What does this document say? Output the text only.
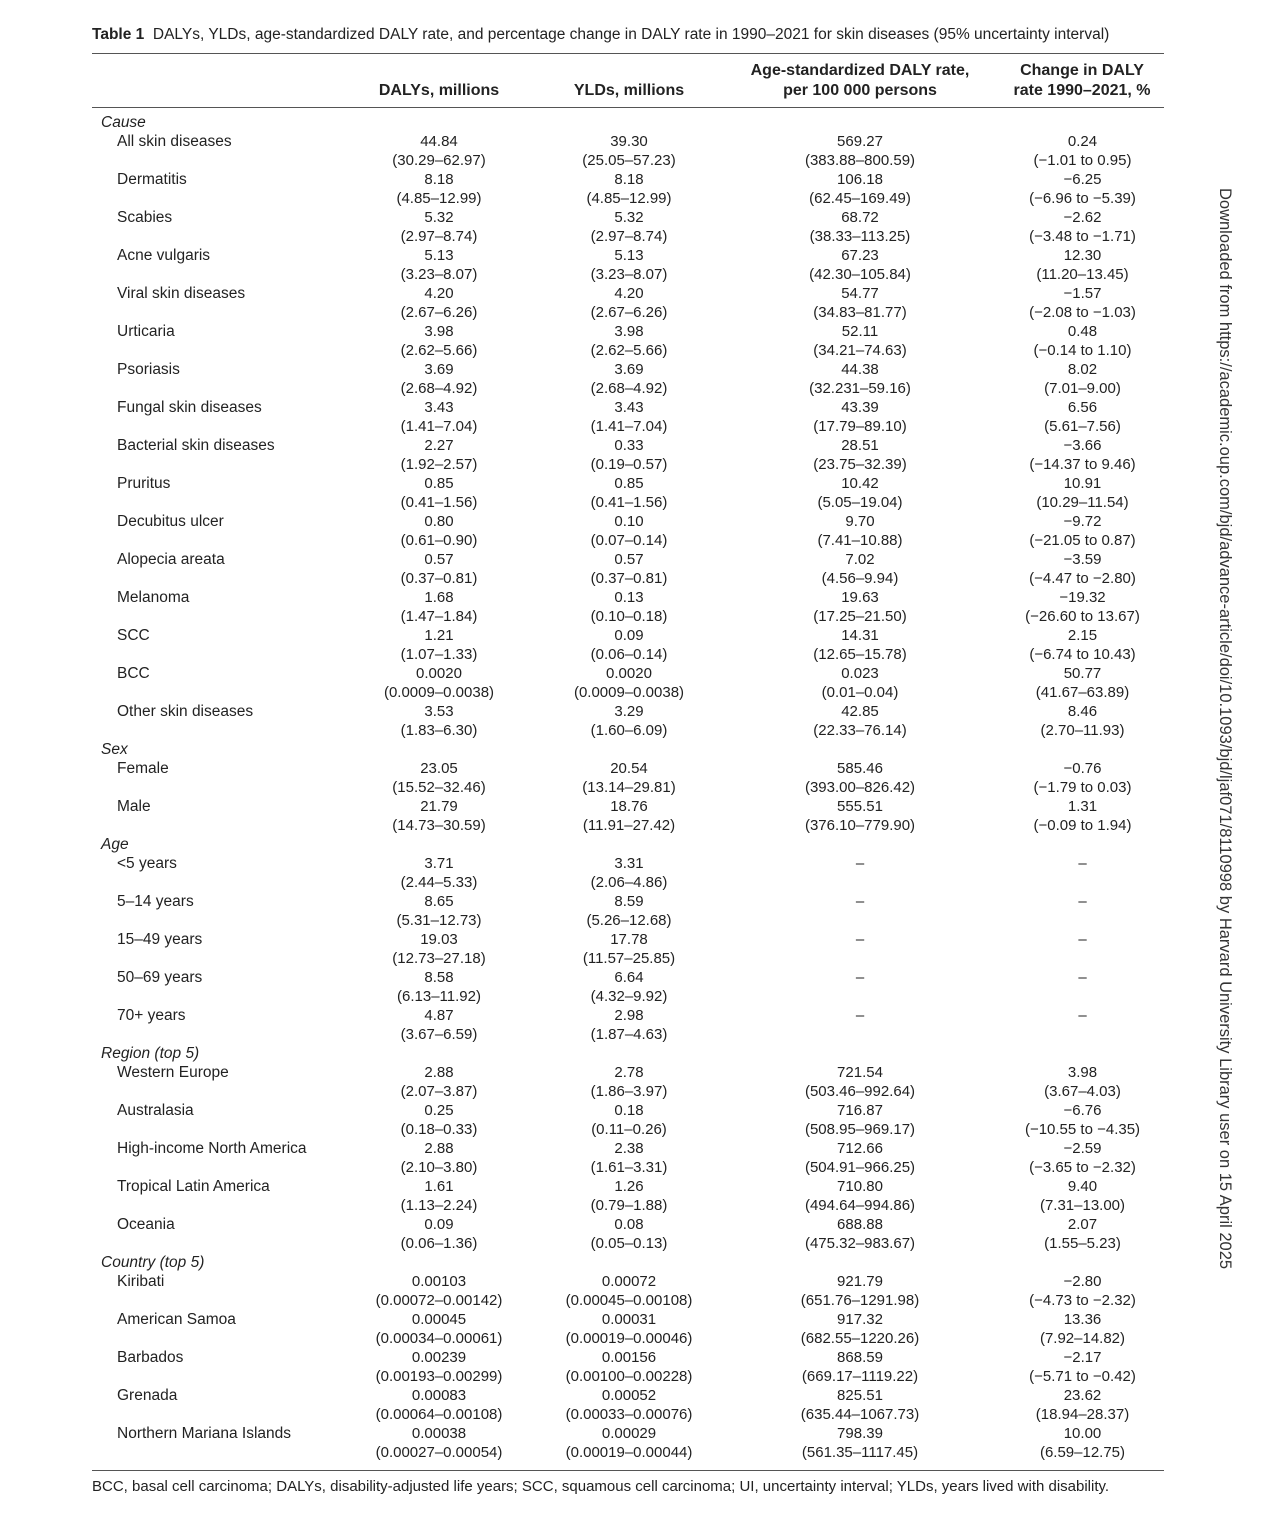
Table 1 DALYs, YLDs, age-standardized DALY rate, and percentage change in DALY rate in 1990–2021 for skin diseases (95% uncertainty interval)
DALYs, millions	YLDs, millions
Age-standardized DALY rate,
per 100 000 persons
Change in DALY
rate 1990–2021, %
Cause
All skin diseases	44.84	39.30	569.27	0.24
(30.29–62.97)	(25.05–57.23)	(383.88–800.59)	(−1.01 to 0.95)
Dermatitis	8.18	8.18	106.18	−6.25
(4.85–12.99)	(4.85–12.99)	(62.45–169.49)	(−6.96 to −5.39)
Scabies	5.32	5.32	68.72	−2.62
(2.97–8.74)	(2.97–8.74)	(38.33–113.25)	(−3.48 to −1.71)
Acne vulgaris	5.13	5.13	67.23	12.30
(3.23–8.07)	(3.23–8.07)	(42.30–105.84)	(11.20–13.45)
Viral skin diseases	4.20	4.20	54.77	−1.57
(2.67–6.26)	(2.67–6.26)	(34.83–81.77)	(−2.08 to −1.03)
Urticaria	3.98	3.98	52.11	0.48
(2.62–5.66)	(2.62–5.66)	(34.21–74.63)	(−0.14 to 1.10)
Psoriasis	3.69	3.69	44.38	8.02
(2.68–4.92)	(2.68–4.92)	(32.231–59.16)	(7.01–9.00)
Fungal skin diseases	3.43	3.43	43.39	6.56
(1.41–7.04)	(1.41–7.04)	(17.79–89.10)	(5.61–7.56)
Bacterial skin diseases	2.27	0.33	28.51	−3.66
(1.92–2.57)	(0.19–0.57)	(23.75–32.39)	(−14.37 to 9.46)
Pruritus	0.85	0.85	10.42	10.91
(0.41–1.56)	(0.41–1.56)	(5.05–19.04)	(10.29–11.54)
Decubitus ulcer	0.80	0.10	9.70	−9.72
(0.61–0.90)	(0.07–0.14)	(7.41–10.88)	(−21.05 to 0.87)
Alopecia areata	0.57	0.57	7.02	−3.59
(0.37–0.81)	(0.37–0.81)	(4.56–9.94)	(−4.47 to −2.80)
Melanoma	1.68	0.13	19.63	−19.32
(1.47–1.84)	(0.10–0.18)	(17.25–21.50)	(−26.60 to 13.67)
SCC	1.21	0.09	14.31	2.15
(1.07–1.33)	(0.06–0.14)	(12.65–15.78)	(−6.74 to 10.43)
BCC	0.0020	0.0020	0.023	50.77
(0.0009–0.0038)	(0.0009–0.0038)	(0.01–0.04)	(41.67–63.89)
Other skin diseases	3.53	3.29	42.85	8.46
(1.83–6.30)	(1.60–6.09)	(22.33–76.14)	(2.70–11.93)
Sex
Female	23.05	20.54	585.46	−0.76
(15.52–32.46)	(13.14–29.81)	(393.00–826.42)	(−1.79 to 0.03)
Male	21.79	18.76	555.51	1.31
(14.73–30.59)	(11.91–27.42)	(376.10–779.90)	(−0.09 to 1.94)
Age
<5 years	3.71	3.31	–	–
(2.44–5.33)	(2.06–4.86)
5–14 years	8.65	8.59	–	–
(5.31–12.73)	(5.26–12.68)
15–49 years	19.03	17.78	–	–
(12.73–27.18)	(11.57–25.85)
50–69 years	8.58	6.64	–	–
(6.13–11.92)	(4.32–9.92)
70+ years	4.87	2.98	–	–
(3.67–6.59)	(1.87–4.63)
Region (top 5)
Western Europe	2.88	2.78	721.54	3.98
(2.07–3.87)	(1.86–3.97)	(503.46–992.64)	(3.67–4.03)
Australasia	0.25	0.18	716.87	−6.76
(0.18–0.33)	(0.11–0.26)	(508.95–969.17)	(−10.55 to −4.35)
High-income North America	2.88	2.38	712.66	−2.59
(2.10–3.80)	(1.61–3.31)	(504.91–966.25)	(−3.65 to −2.32)
Tropical Latin America	1.61	1.26	710.80	9.40
(1.13–2.24)	(0.79–1.88)	(494.64–994.86)	(7.31–13.00)
Oceania	0.09	0.08	688.88	2.07
(0.06–1.36)	(0.05–0.13)	(475.32–983.67)	(1.55–5.23)
Country (top 5)
Kiribati	0.00103	0.00072	921.79	−2.80
(0.00072–0.00142)	(0.00045–0.00108)	(651.76–1291.98)	(−4.73 to −2.32)
American Samoa	0.00045	0.00031	917.32	13.36
(0.00034–0.00061)	(0.00019–0.00046)	(682.55–1220.26)	(7.92–14.82)
Barbados	0.00239	0.00156	868.59	−2.17
(0.00193–0.00299)	(0.00100–0.00228)	(669.17–1119.22)	(−5.71 to −0.42)
Grenada	0.00083	0.00052	825.51	23.62
(0.00064–0.00108)	(0.00033–0.00076)	(635.44–1067.73)	(18.94–28.37)
Northern Mariana Islands	0.00038	0.00029	798.39	10.00
(0.00027–0.00054)	(0.00019–0.00044)	(561.35–1117.45)	(6.59–12.75)
BCC, basal cell carcinoma; DALYs, disability-adjusted life years; SCC, squamous cell carcinoma; UI, uncertainty interval; YLDs, years lived with disability.
Downloaded from https://academic.oup.com/bjd/advance-article/doi/10.1093/bjd/ljaf071/8110998 by Harvard University Library user on 15 April 2025
